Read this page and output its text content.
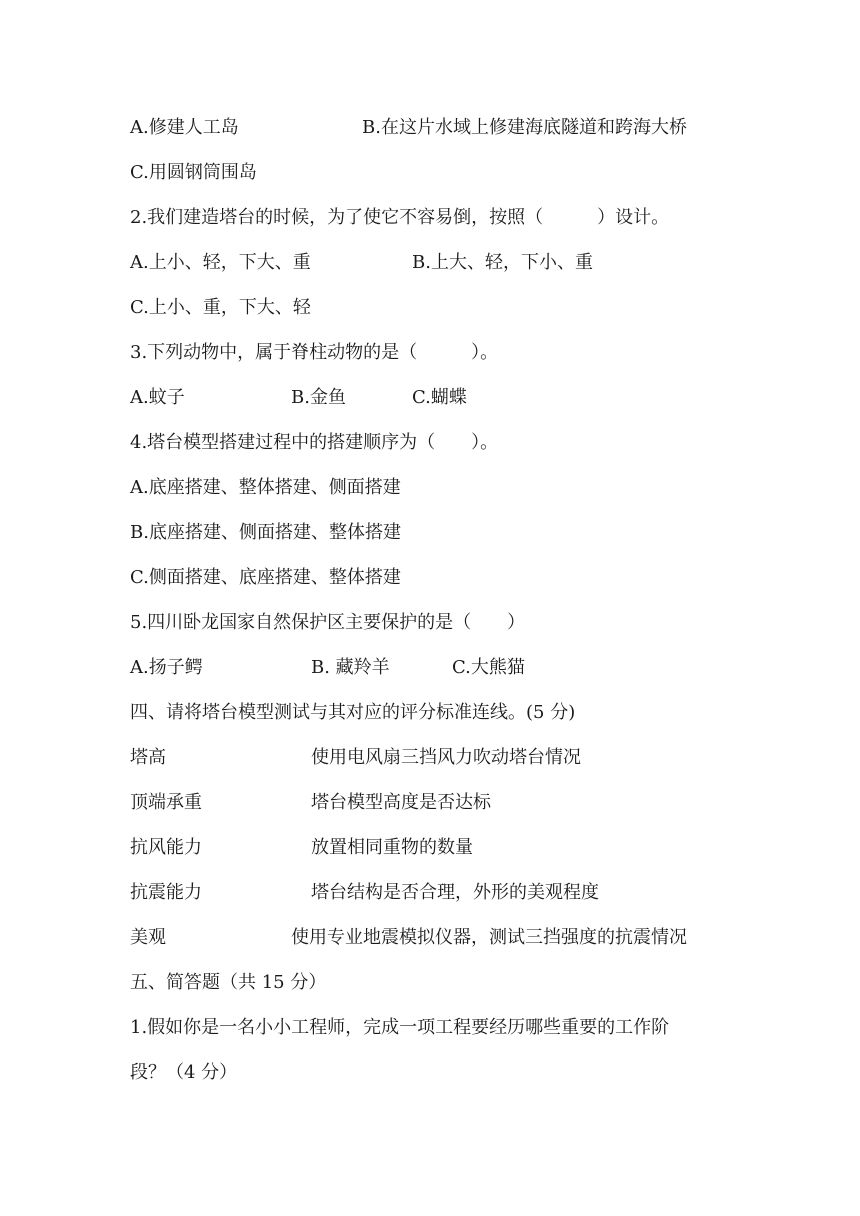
A.修建人工岛	B.在这片水域上修建海底隧道和跨海大桥
C.用圆钢筒围岛
2.我们建造塔台的时候，为了使它不容易倒，按照（　　　）设计。
A.上小、轻，下大、重	B.上大、轻，下小、重
C.上小、重，下大、轻
3.下列动物中，属于脊柱动物的是（　　　）。
A.蚊子	B.金鱼	C.蝴蝶
4.塔台模型搭建过程中的搭建顺序为（　　）。
A.底座搭建、整体搭建、侧面搭建
B.底座搭建、侧面搭建、整体搭建
C.侧面搭建、底座搭建、整体搭建
5.四川卧龙国家自然保护区主要保护的是（　　）
A.扬子鳄	B. 藏羚羊	C.大熊猫
四、请将塔台模型测试与其对应的评分标准连线。(5 分)
塔高	使用电风扇三挡风力吹动塔台情况
顶端承重	塔台模型高度是否达标
抗风能力	放置相同重物的数量
抗震能力	塔台结构是否合理，外形的美观程度
美观	使用专业地震模拟仪器，测试三挡强度的抗震情况
五、简答题（共 15 分）
1.假如你是一名小小工程师，完成一项工程要经历哪些重要的工作阶
段？（4 分）
